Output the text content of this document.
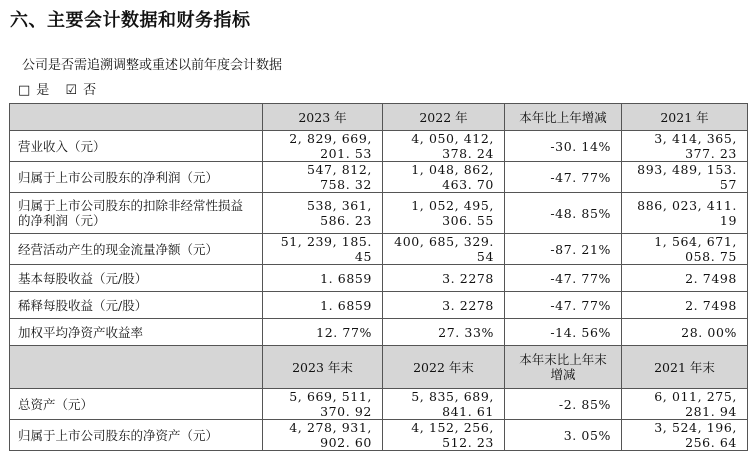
六、主要会计数据和财务指标
公司是否需追溯调整或重述以前年度会计数据
□ 是 ☑ 否
	2023 年	2022 年	本年比上年增减	2021 年
营业收入（元）	2, 829, 669, 201. 53	4, 050, 412, 378. 24	-30. 14%	3, 414, 365, 377. 23
归属于上市公司股东的净利润（元）	547, 812, 758. 32	1, 048, 862, 463. 70	-47. 77%	893, 489, 153. 57
归属于上市公司股东的扣除非经常性损益的净利润（元）	538, 361, 586. 23	1, 052, 495, 306. 55	-48. 85%	886, 023, 411. 19
经营活动产生的现金流量净额（元）	51, 239, 185. 45	400, 685, 329. 54	-87. 21%	1, 564, 671, 058. 75
基本每股收益（元/股）	1. 6859	3. 2278	-47. 77%	2. 7498
稀释每股收益（元/股）	1. 6859	3. 2278	-47. 77%	2. 7498
加权平均净资产收益率	12. 77%	27. 33%	-14. 56%	28. 00%
	2023 年末	2022 年末	本年末比上年末增减	2021 年末
总资产（元）	5, 669, 511, 370. 92	5, 835, 689, 841. 61	-2. 85%	6, 011, 275, 281. 94
归属于上市公司股东的净资产（元）	4, 278, 931, 902. 60	4, 152, 256, 512. 23	3. 05%	3, 524, 196, 256. 64
